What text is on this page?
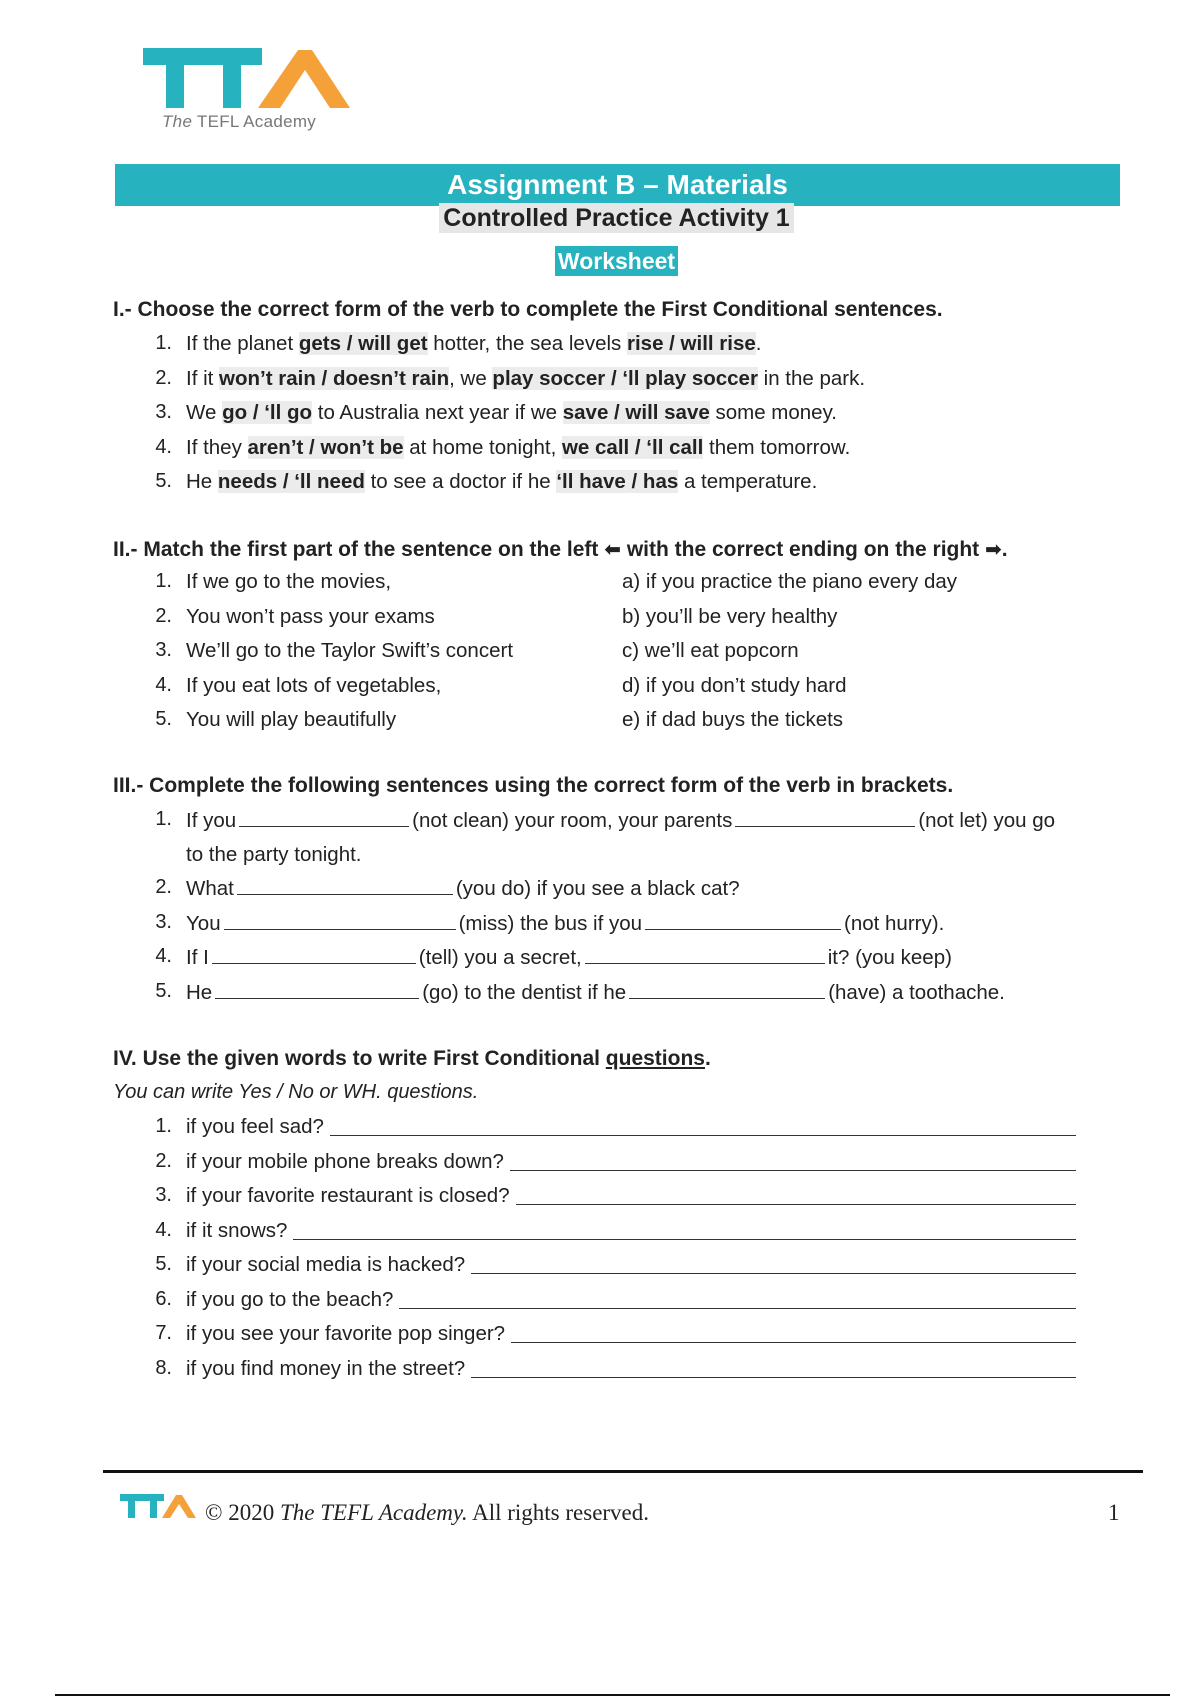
The TEFL Academy
Assignment B – Materials
Controlled Practice Activity 1
Worksheet
I.- Choose the correct form of the verb to complete the First Conditional sentences.
II.- Match the first part of the sentence on the left ⬅ with the correct ending on the right ➡.
III.- Complete the following sentences using the correct form of the verb in brackets.
IV. Use the given words to write First Conditional questions.
You can write Yes / No or WH. questions.
© 2020 The TEFL Academy. All rights reserved.	1
1. If the planet gets / will get hotter, the sea levels rise / will rise.
2. If it won’t rain / doesn’t rain, we play soccer / ‘ll play soccer in the park.
3. We go / ‘ll go to Australia next year if we save / will save some money.
4. If they aren’t / won’t be at home tonight, we call / ‘ll call them tomorrow.
5. He needs / ‘ll need to see a doctor if he ‘ll have / has a temperature.
1. If we go to the movies,	a) if you practice the piano every day
2. You won’t pass your exams	b) you’ll be very healthy
3. We’ll go to the Taylor Swift’s concert	c) we’ll eat popcorn
4. If you eat lots of vegetables,	d) if you don’t study hard
5. You will play beautifully	e) if dad buys the tickets
1. If you	(not clean) your room, your parents	(not let) you go
to the party tonight.
2. What	(you do) if you see a black cat?
3. You	(miss) the bus if you	(not hurry).
4. If I	(tell) you a secret,	it? (you keep)
5. He	(go) to the dentist if he	(have) a toothache.
1. if you feel sad?
2. if your mobile phone breaks down?
3. if your favorite restaurant is closed?
4. if it snows?
5. if your social media is hacked?
6. if you go to the beach?
7. if you see your favorite pop singer?
8. if you find money in the street?
